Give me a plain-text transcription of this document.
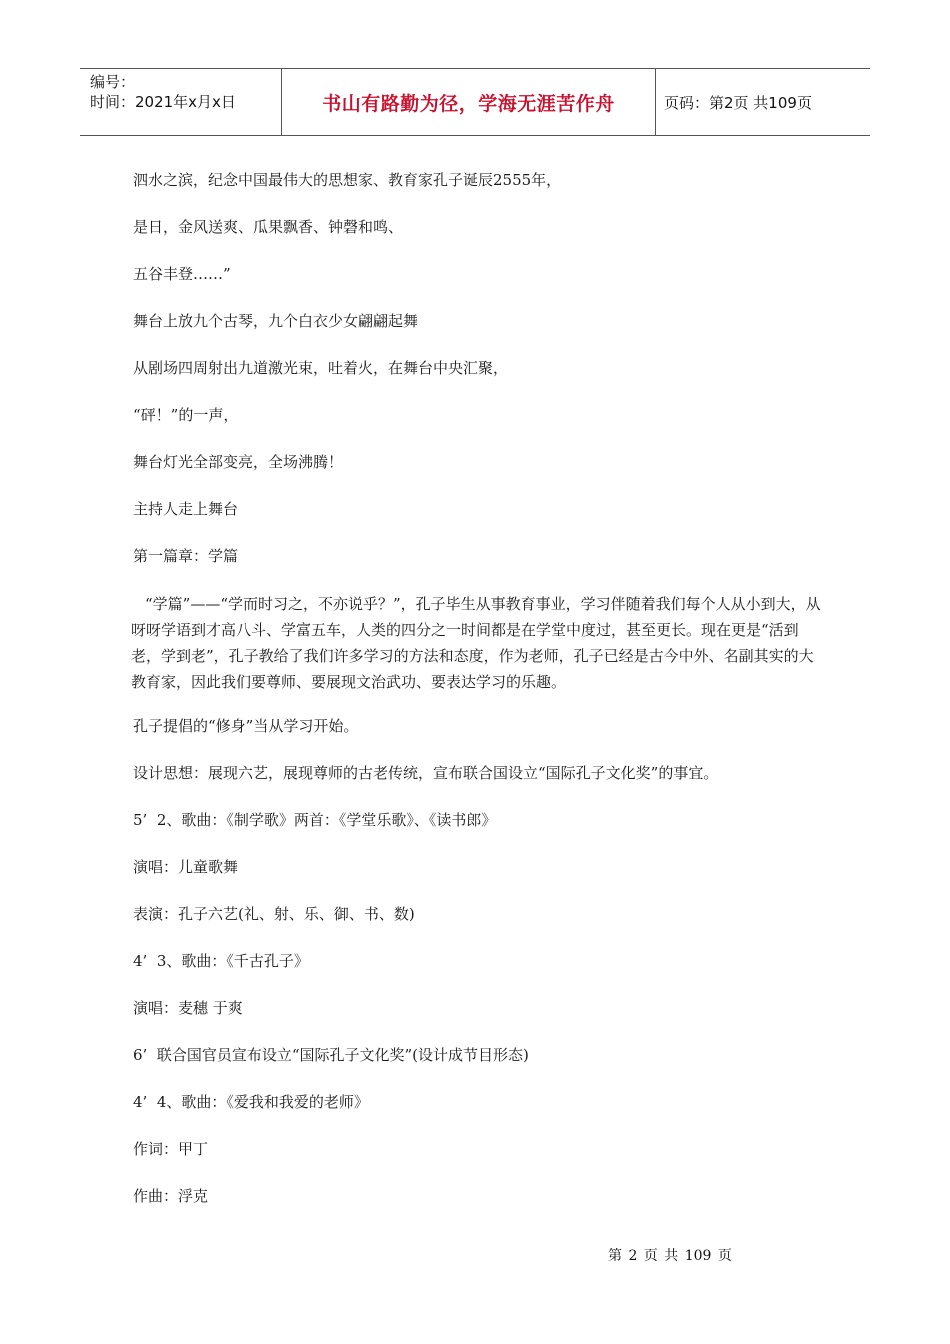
编号：
时间：2021年x月x日	书山有路勤为径，学海无涯苦作舟	页码：第2页 共109页

泗水之滨，纪念中国最伟大的思想家、教育家孔子诞辰2555年，

是日，金风送爽、瓜果飘香、钟磬和鸣、

五谷丰登……”

舞台上放九个古琴，九个白衣少女翩翩起舞

从剧场四周射出九道激光束，吐着火，在舞台中央汇聚，

“砰！”的一声，

舞台灯光全部变亮，全场沸腾！

主持人走上舞台

第一篇章：学篇

“学篇”——“学而时习之，不亦说乎？”，孔子毕生从事教育事业，学习伴随着我们每个人从小到大，从呀呀学语到才高八斗、学富五车，人类的四分之一时间都是在学堂中度过，甚至更长。现在更是“活到老，学到老”，孔子教给了我们许多学习的方法和态度，作为老师，孔子已经是古今中外、名副其实的大教育家，因此我们要尊师、要展现文治武功、要表达学习的乐趣。

孔子提倡的“修身”当从学习开始。

设计思想：展现六艺，展现尊师的古老传统，宣布联合国设立“国际孔子文化奖”的事宜。

5’  2、歌曲：《制学歌》两首：《学堂乐歌》、《读书郎》

演唱：儿童歌舞

表演：孔子六艺(礼、射、乐、御、书、数)

4’  3、歌曲：《千古孔子》

演唱：麦穗 于爽

6’  联合国官员宣布设立“国际孔子文化奖”(设计成节目形态)

4’  4、歌曲：《爱我和我爱的老师》

作词：甲丁

作曲：浮克

第 2 页 共 109 页
